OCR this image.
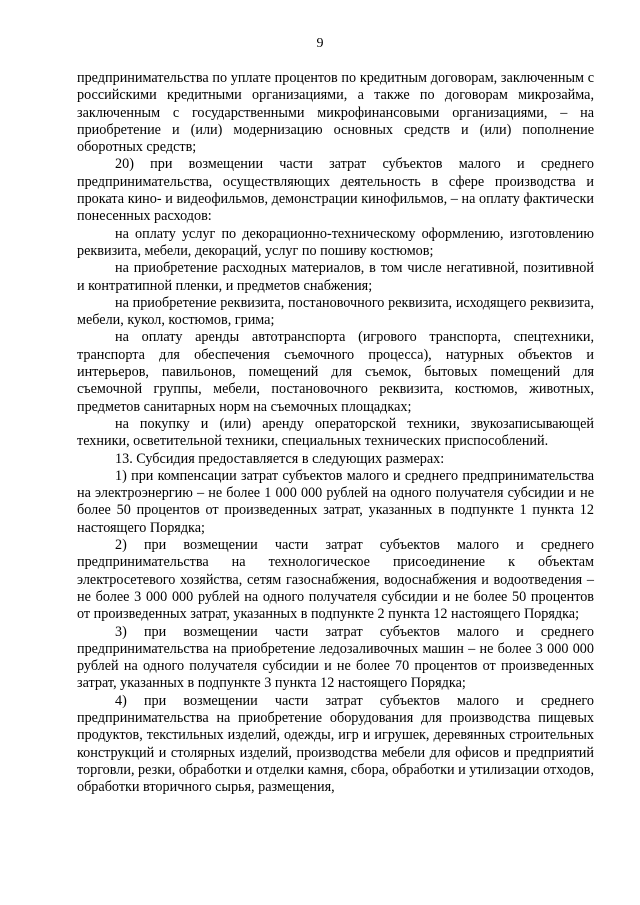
9

предпринимательства по уплате процентов по кредитным договорам, заключенным с российскими кредитными организациями, а также по договорам микрозайма, заключенным с государственными микрофинансовыми организациями, – на приобретение и (или) модернизацию основных средств и (или) пополнение оборотных средств;

20) при возмещении части затрат субъектов малого и среднего предпринимательства, осуществляющих деятельность в сфере производства и проката кино- и видеофильмов, демонстрации кинофильмов, – на оплату фактически понесенных расходов:

на оплату услуг по декорационно-техническому оформлению, изготовлению реквизита, мебели, декораций, услуг по пошиву костюмов;

на приобретение расходных материалов, в том числе негативной, позитивной и контратипной пленки, и предметов снабжения;

на приобретение реквизита, постановочного реквизита, исходящего реквизита, мебели, кукол, костюмов, грима;

на оплату аренды автотранспорта (игрового транспорта, спецтехники, транспорта для обеспечения съемочного процесса), натурных объектов и интерьеров, павильонов, помещений для съемок, бытовых помещений для съемочной группы, мебели, постановочного реквизита, костюмов, животных, предметов санитарных норм на съемочных площадках;

на покупку и (или) аренду операторской техники, звукозаписывающей техники, осветительной техники, специальных технических приспособлений.

13. Субсидия предоставляется в следующих размерах:

1) при компенсации затрат субъектов малого и среднего предпринимательства на электроэнергию – не более 1 000 000 рублей на одного получателя субсидии и не более 50 процентов от произведенных затрат, указанных в подпункте 1 пункта 12 настоящего Порядка;

2) при возмещении части затрат субъектов малого и среднего предпринимательства на технологическое присоединение к объектам электросетевого хозяйства, сетям газоснабжения, водоснабжения и водоотведения – не более 3 000 000 рублей на одного получателя субсидии и не более 50 процентов от произведенных затрат, указанных в подпункте 2 пункта 12 настоящего Порядка;

3) при возмещении части затрат субъектов малого и среднего предпринимательства на приобретение ледозаливочных машин – не более 3 000 000 рублей на одного получателя субсидии и не более 70 процентов от произведенных затрат, указанных в подпункте 3 пункта 12 настоящего Порядка;

4) при возмещении части затрат субъектов малого и среднего предпринимательства на приобретение оборудования для производства пищевых продуктов, текстильных изделий, одежды, игр и игрушек, деревянных строительных конструкций и столярных изделий, производства мебели для офисов и предприятий торговли, резки, обработки и отделки камня, сбора, обработки и утилизации отходов, обработки вторичного сырья, размещения,
